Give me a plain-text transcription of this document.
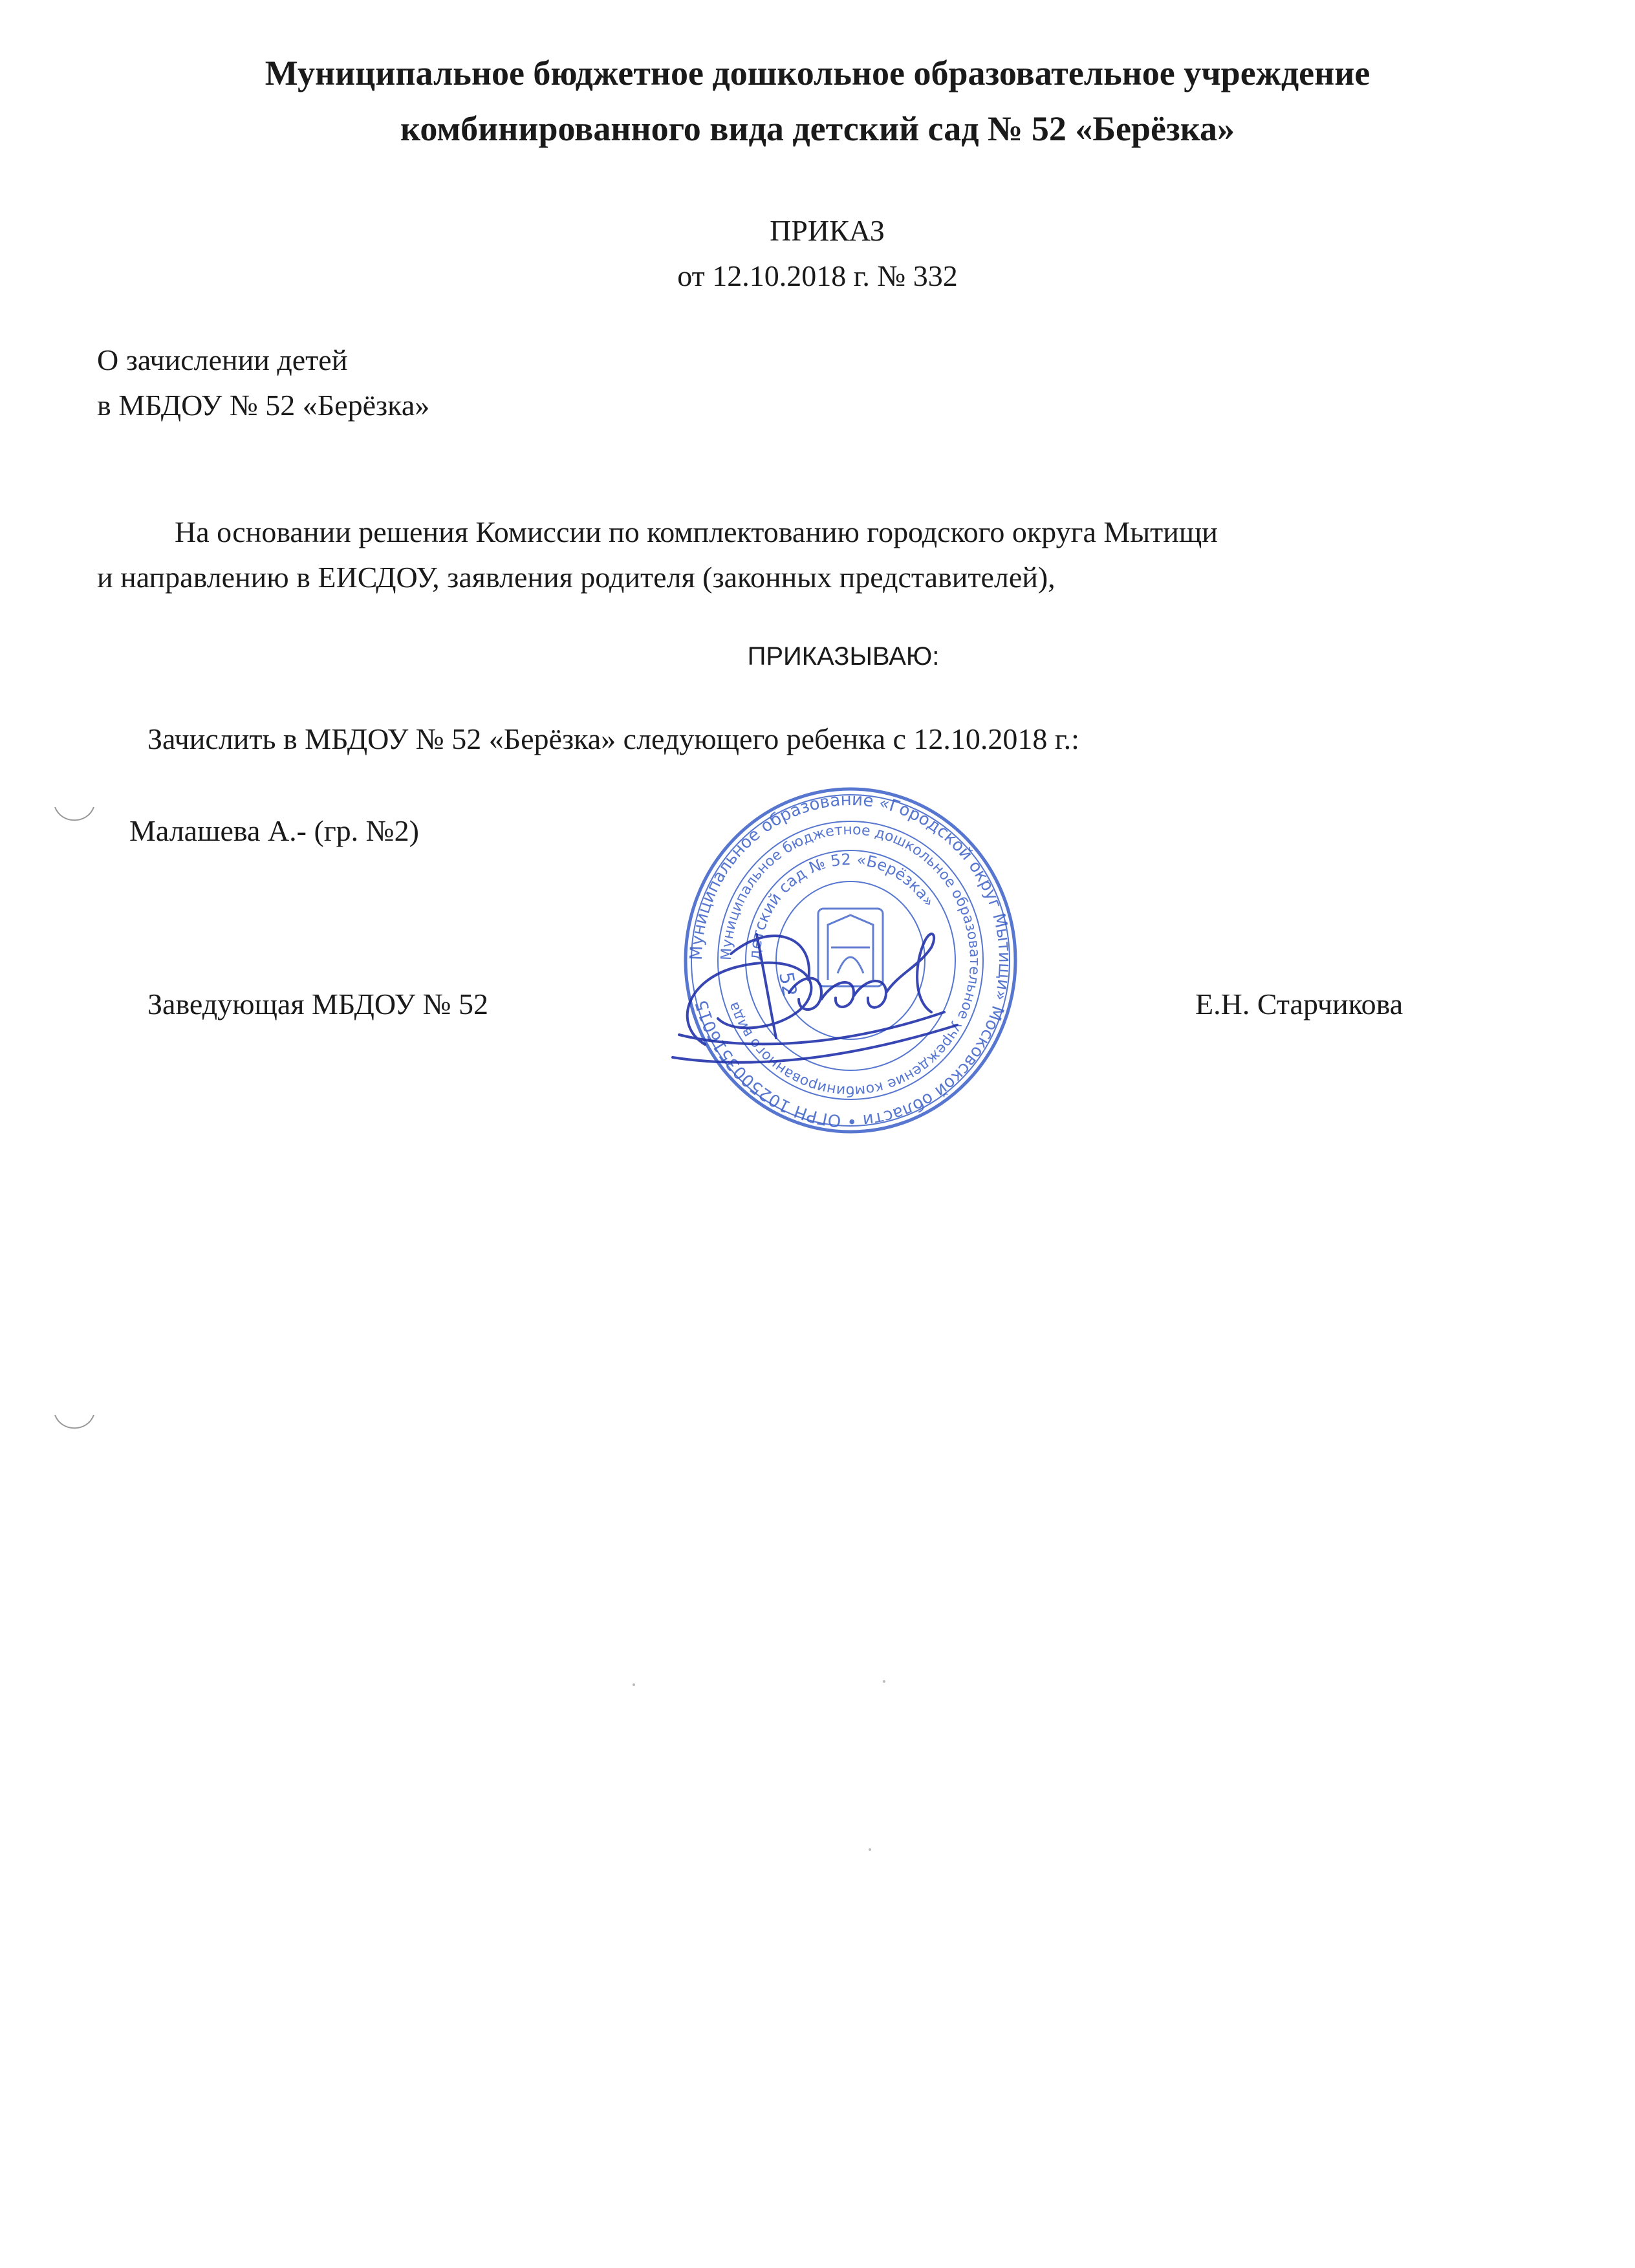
Муниципальное бюджетное дошкольное образовательное учреждение
комбинированного вида детский сад № 52 «Берёзка»
ПРИКАЗ
от 12.10.2018 г. № 332
О зачислении детей
в МБДОУ № 52 «Берёзка»
На основании решения Комиссии по комплектованию городского округа Мытищи
и направлению в ЕИСДОУ, заявления родителя (законных представителей),
ПРИКАЗЫВАЮ:
Зачислить в МБДОУ № 52 «Берёзка» следующего ребенка с 12.10.2018 г.:
Малашева А.- (гр. №2)
Заведующая МБДОУ № 52	Е.Н. Старчикова
Муниципальное образование «Городской округ Мытищи» Московской области • ОГРН 1025003516015
Муниципальное бюджетное дошкольное образовательное учреждение комбинированного вида
детский сад № 52 «Берёзка»
52
